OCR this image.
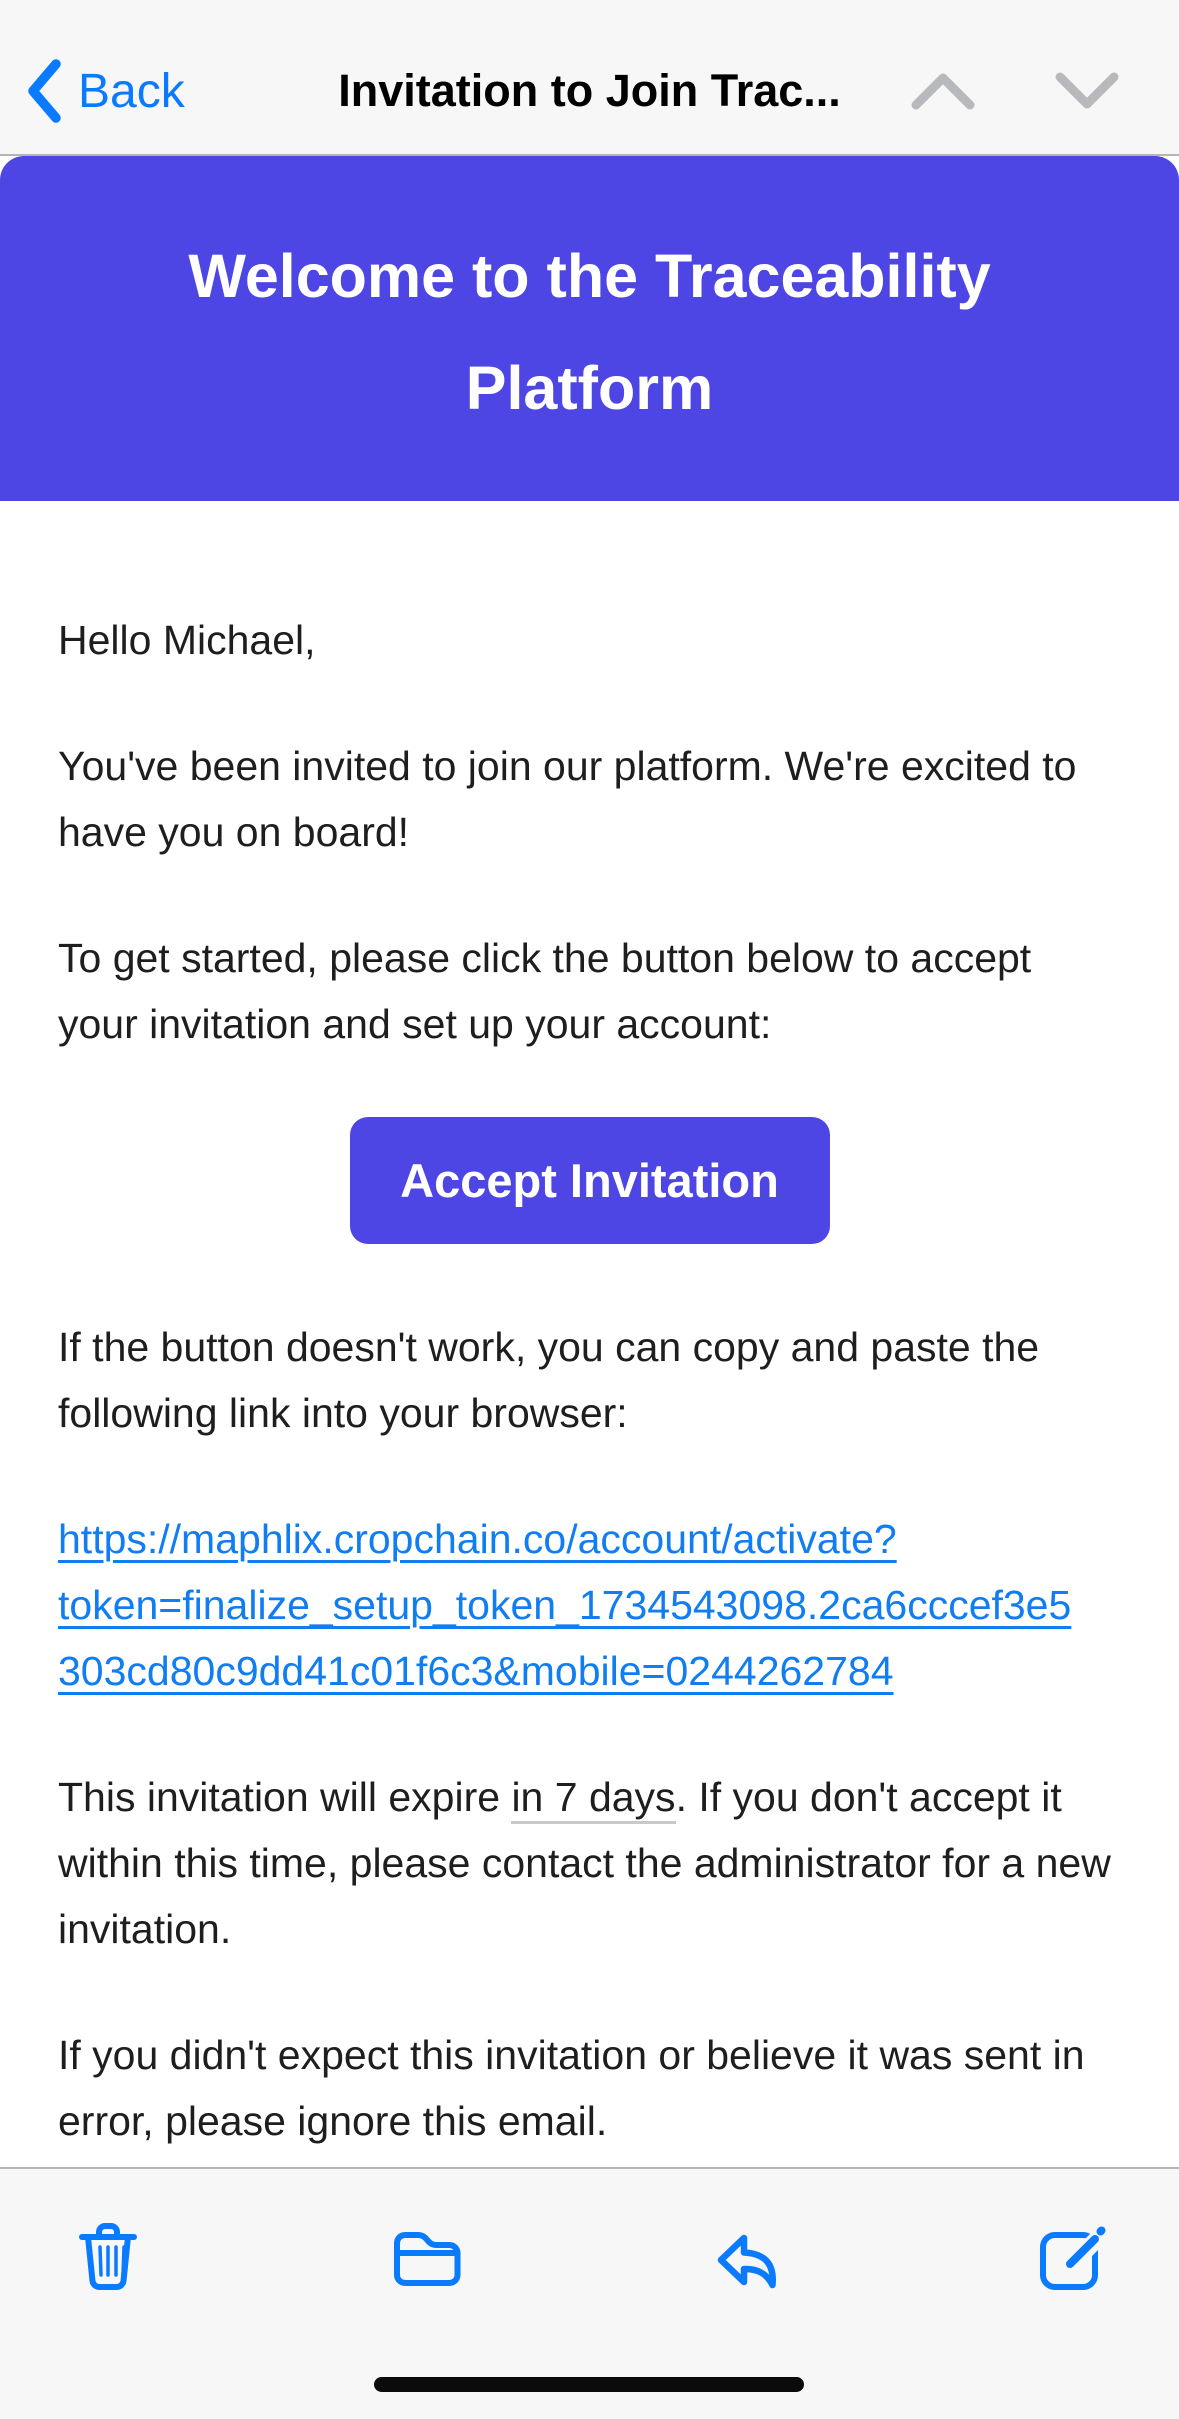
Back	Invitation to Join Trac...
Welcome to the Traceability Platform

Hello Michael,

You've been invited to join our platform. We're excited to have you on board!

To get started, please click the button below to accept your invitation and set up your account:

Accept Invitation

If the button doesn't work, you can copy and paste the following link into your browser:

https://maphlix.cropchain.co/account/activate?
token=finalize_setup_token_1734543098.2ca6cccef3e5
303cd80c9dd41c01f6c3&mobile=0244262784

This invitation will expire in 7 days. If you don't accept it within this time, please contact the administrator for a new invitation.

If you didn't expect this invitation or believe it was sent in error, please ignore this email.
